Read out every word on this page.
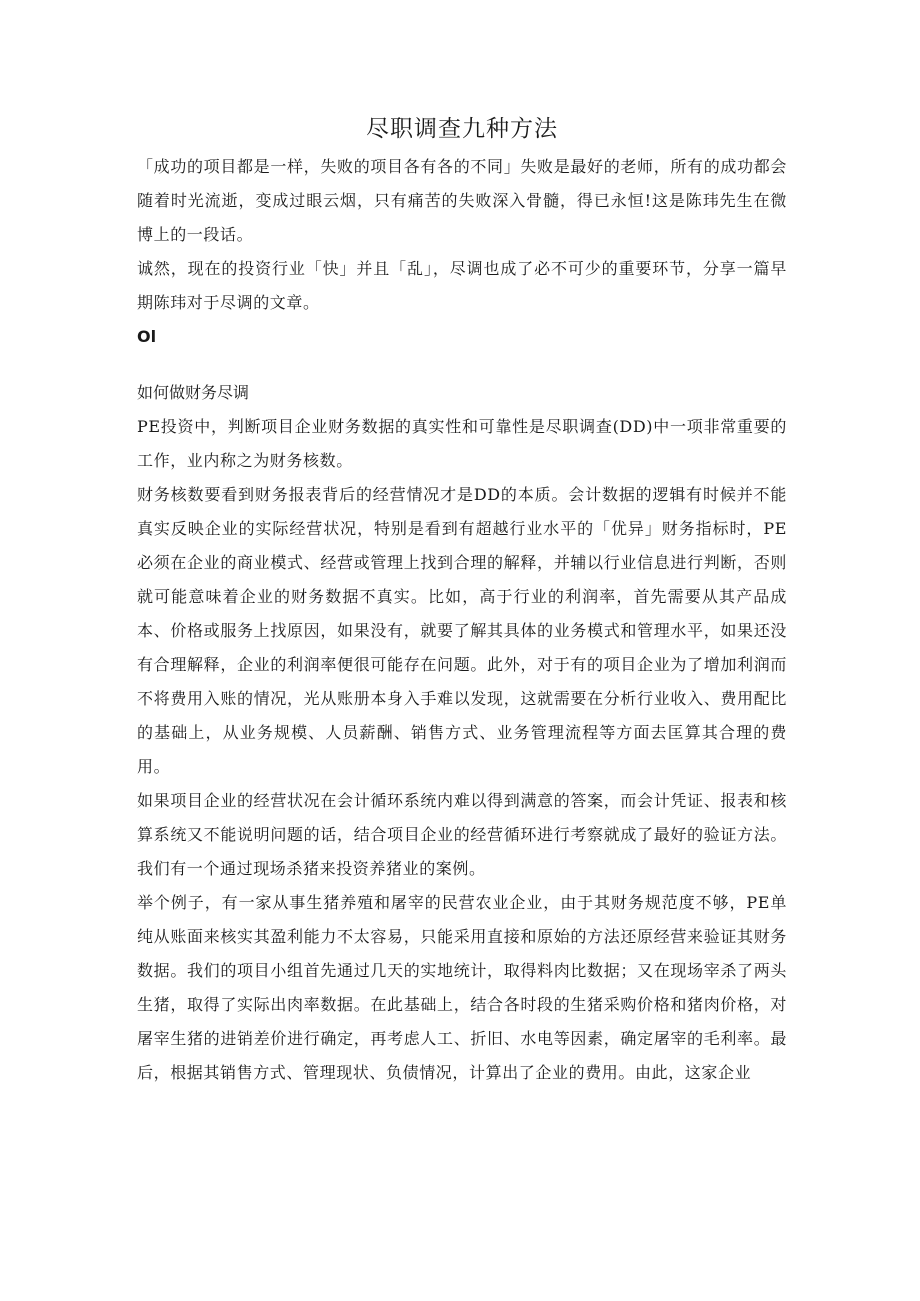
尽职调查九种方法

「成功的项目都是一样，失败的项目各有各的不同」失败是最好的老师，所有的成功都会随着时光流逝，变成过眼云烟，只有痛苦的失败深入骨髓，得已永恒!这是陈玮先生在微博上的一段话。

诚然，现在的投资行业「快」并且「乱」，尽调也成了必不可少的重要环节，分享一篇早期陈玮对于尽调的文章。

Ol
如何做财务尽调

PE投资中，判断项目企业财务数据的真实性和可靠性是尽职调查(DD)中一项非常重要的工作，业内称之为财务核数。

财务核数要看到财务报表背后的经营情况才是DD的本质。会计数据的逻辑有时候并不能真实反映企业的实际经营状况，特别是看到有超越行业水平的「优异」财务指标时，PE必须在企业的商业模式、经营或管理上找到合理的解释，并辅以行业信息进行判断，否则就可能意味着企业的财务数据不真实。比如，高于行业的利润率，首先需要从其产品成本、价格或服务上找原因，如果没有，就要了解其具体的业务模式和管理水平，如果还没有合理解释，企业的利润率便很可能存在问题。此外，对于有的项目企业为了增加利润而不将费用入账的情况，光从账册本身入手难以发现，这就需要在分析行业收入、费用配比的基础上，从业务规模、人员薪酬、销售方式、业务管理流程等方面去匡算其合理的费用。

如果项目企业的经营状况在会计循环系统内难以得到满意的答案，而会计凭证、报表和核算系统又不能说明问题的话，结合项目企业的经营循环进行考察就成了最好的验证方法。我们有一个通过现场杀猪来投资养猪业的案例。

举个例子，有一家从事生猪养殖和屠宰的民营农业企业，由于其财务规范度不够，PE单纯从账面来核实其盈利能力不太容易，只能采用直接和原始的方法还原经营来验证其财务数据。我们的项目小组首先通过几天的实地统计，取得料肉比数据；又在现场宰杀了两头生猪，取得了实际出肉率数据。在此基础上，结合各时段的生猪采购价格和猪肉价格，对屠宰生猪的进销差价进行确定，再考虑人工、折旧、水电等因素，确定屠宰的毛利率。最后，根据其销售方式、管理现状、负债情况，计算出了企业的费用。由此，这家企业
